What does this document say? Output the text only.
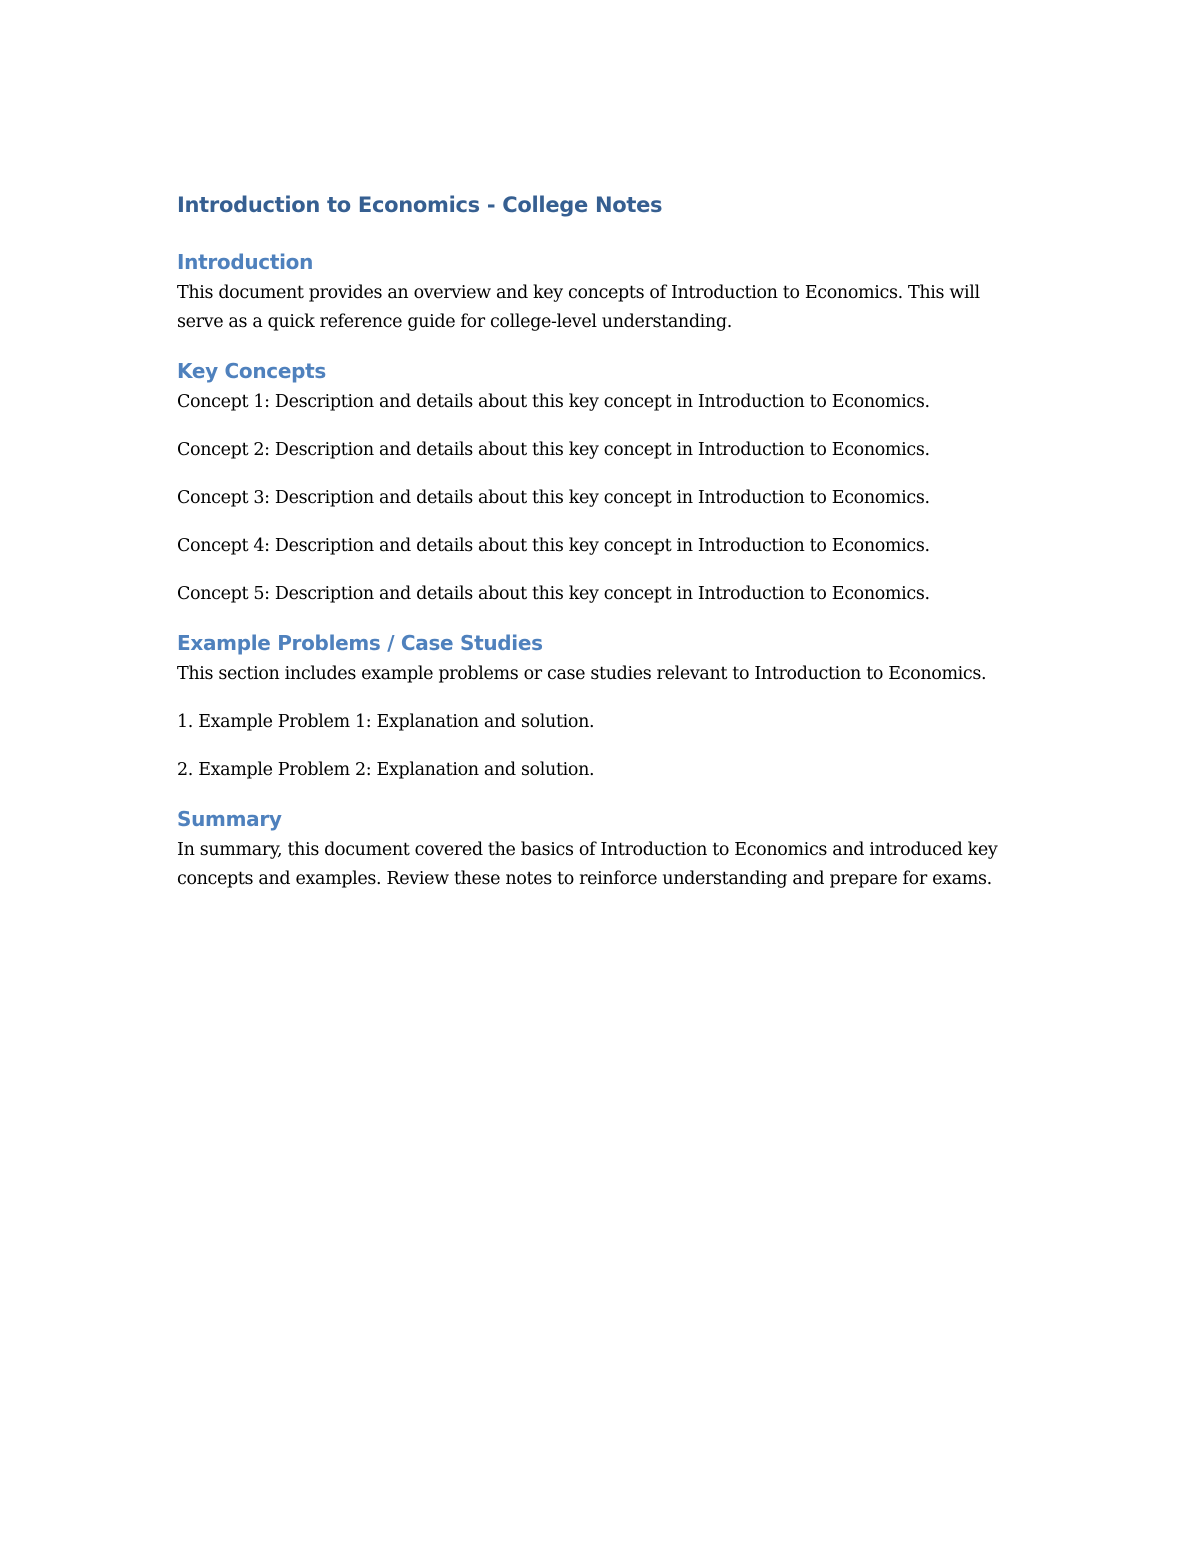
Introduction to Economics - College Notes
Introduction

This document provides an overview and key concepts of Introduction to Economics. This will serve as a quick reference guide for college-level understanding.

Key Concepts

Concept 1: Description and details about this key concept in Introduction to Economics.

Concept 2: Description and details about this key concept in Introduction to Economics.

Concept 3: Description and details about this key concept in Introduction to Economics.

Concept 4: Description and details about this key concept in Introduction to Economics.

Concept 5: Description and details about this key concept in Introduction to Economics.

Example Problems / Case Studies

This section includes example problems or case studies relevant to Introduction to Economics.

1. Example Problem 1: Explanation and solution.

2. Example Problem 2: Explanation and solution.

Summary

In summary, this document covered the basics of Introduction to Economics and introduced key concepts and examples. Review these notes to reinforce understanding and prepare for exams.
